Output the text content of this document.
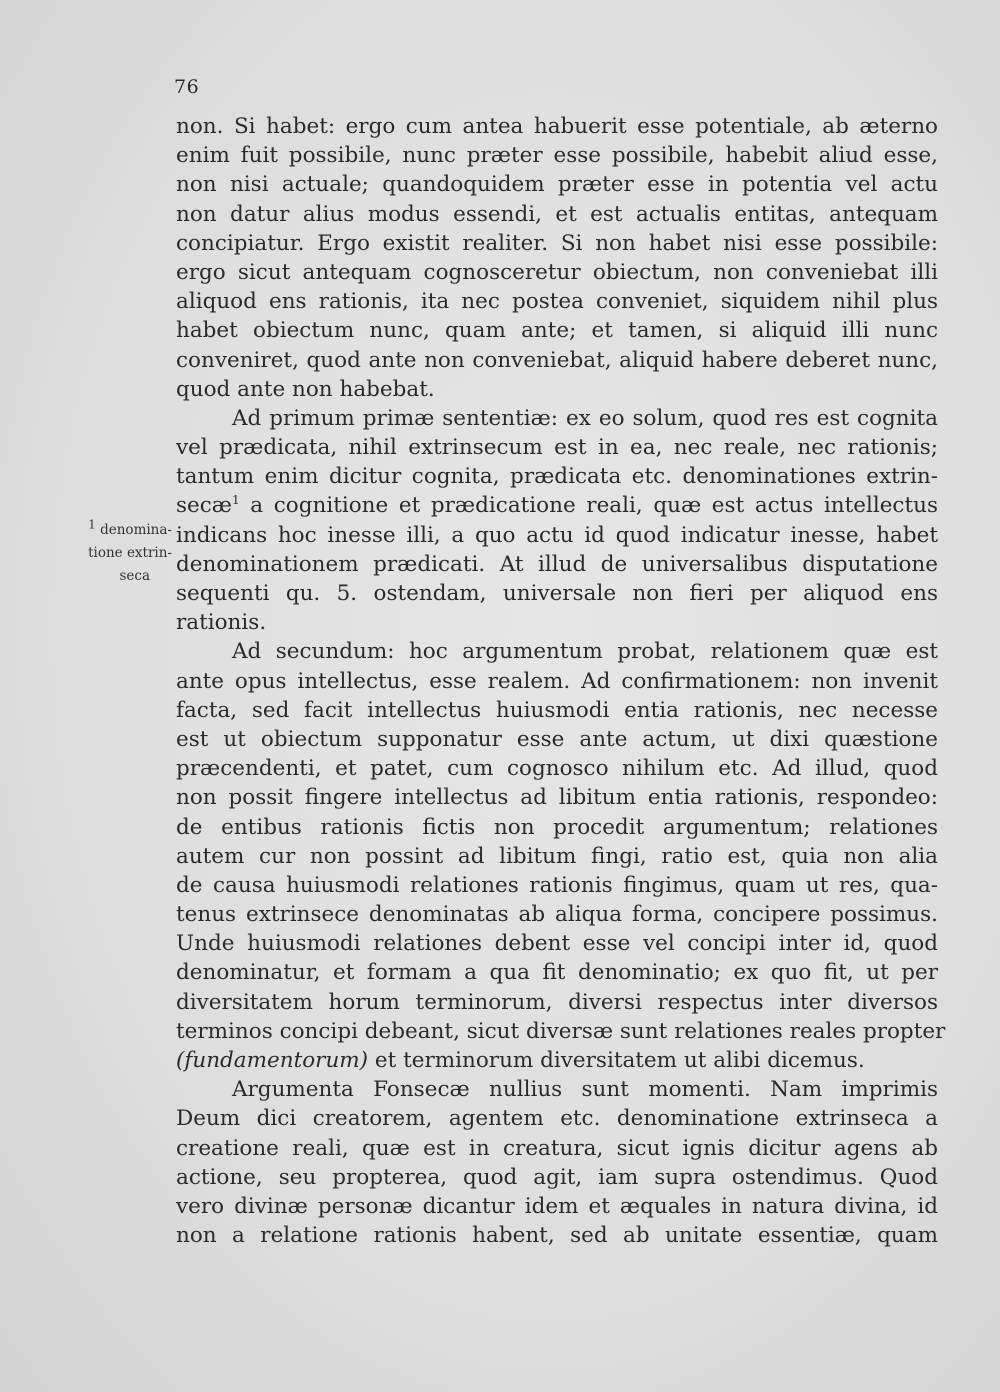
76
$^1$ denomina-
tione extrin-
seca
non. Si habet: ergo cum antea habuerit esse potentiale, ab æterno
enim fuit possibile, nunc præter esse possibile, habebit aliud esse,
non nisi actuale; quandoquidem præter esse in potentia vel actu
non datur alius modus essendi, et est actualis entitas, antequam
concipiatur. Ergo existit realiter. Si non habet nisi esse possibile:
ergo sicut antequam cognosceretur obiectum, non conveniebat illi
aliquod ens rationis, ita nec postea conveniet, siquidem nihil plus
habet obiectum nunc, quam ante; et tamen, si aliquid illi nunc
conveniret, quod ante non conveniebat, aliquid habere deberet nunc,
quod ante non habebat.
Ad primum primæ sententiæ: ex eo solum, quod res est cognita
vel prædicata, nihil extrinsecum est in ea, nec reale, nec rationis;
tantum enim dicitur cognita, prædicata etc. denominationes extrin-
secæ$^1$ a cognitione et prædicatione reali, quæ est actus intellectus
indicans hoc inesse illi, a quo actu id quod indicatur inesse, habet
denominationem prædicati. At illud de universalibus disputatione
sequenti qu. 5. ostendam, universale non fieri per aliquod ens
rationis.
Ad secundum: hoc argumentum probat, relationem quæ est
ante opus intellectus, esse realem. Ad confirmationem: non invenit
facta, sed facit intellectus huiusmodi entia rationis, nec necesse
est ut obiectum supponatur esse ante actum, ut dixi quæstione
præcendenti, et patet, cum cognosco nihilum etc. Ad illud, quod
non possit fingere intellectus ad libitum entia rationis, respondeo:
de entibus rationis fictis non procedit argumentum; relationes
autem cur non possint ad libitum fingi, ratio est, quia non alia
de causa huiusmodi relationes rationis fingimus, quam ut res, qua-
tenus extrinsece denominatas ab aliqua forma, concipere possimus.
Unde huiusmodi relationes debent esse vel concipi inter id, quod
denominatur, et formam a qua fit denominatio; ex quo fit, ut per
diversitatem horum terminorum, diversi respectus inter diversos
terminos concipi debeant, sicut diversæ sunt relationes reales propter
(fundamentorum) et terminorum diversitatem ut alibi dicemus.
Argumenta Fonsecæ nullius sunt momenti. Nam imprimis
Deum dici creatorem, agentem etc. denominatione extrinseca a
creatione reali, quæ est in creatura, sicut ignis dicitur agens ab
actione, seu propterea, quod agit, iam supra ostendimus. Quod
vero divinæ personæ dicantur idem et æquales in natura divina, id
non a relatione rationis habent, sed ab unitate essentiæ, quam
